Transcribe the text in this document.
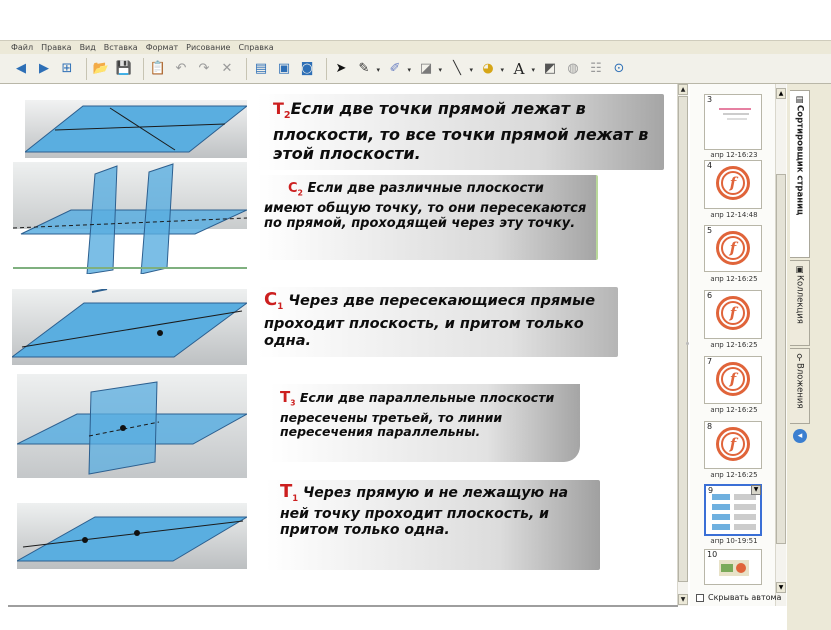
Файл Правка Вид Вставка Формат Рисование Справка
◀	▶ ⊞ 📂 💾 📋 ↶ ↷ ✕ ▤ ▣ ◙ ➤ ✎ ▾ ✐ ▾ ◪ ▾ ╲ ▾ ◕ ▾ A ▾ ◩ ◍ ☷ ⊙
$T_2Если$ две точки прямой лежат в плоскости, то все точки прямой лежат в этой плоскости.
$С_2$ Если две различные плоскости имеют общую точку, то они пересекаются по прямой, проходящей через эту точку.
$С_1$ Через две пересекающиеся прямые проходит плоскость, и притом только одна.
$T_3$ Если две параллельные плоскости пересечены третьей, то линии пересечения параллельны.
$T_1$ Через прямую и не лежащую на ней точку проходит плоскость, и притом только одна.
▲
▼
3
апр 12-16:23
4
f
апр 12-14:48
5
f
апр 12-16:25
6
f
апр 12-16:25
7
f
апр 12-16:25
8
f
апр 12-16:25
9	▼
апр 10-19:51
10
▲
▼
Скрывать автома
▤
Сортировщик страниц
▣
Коллекция
⚲
Вложения
◂
